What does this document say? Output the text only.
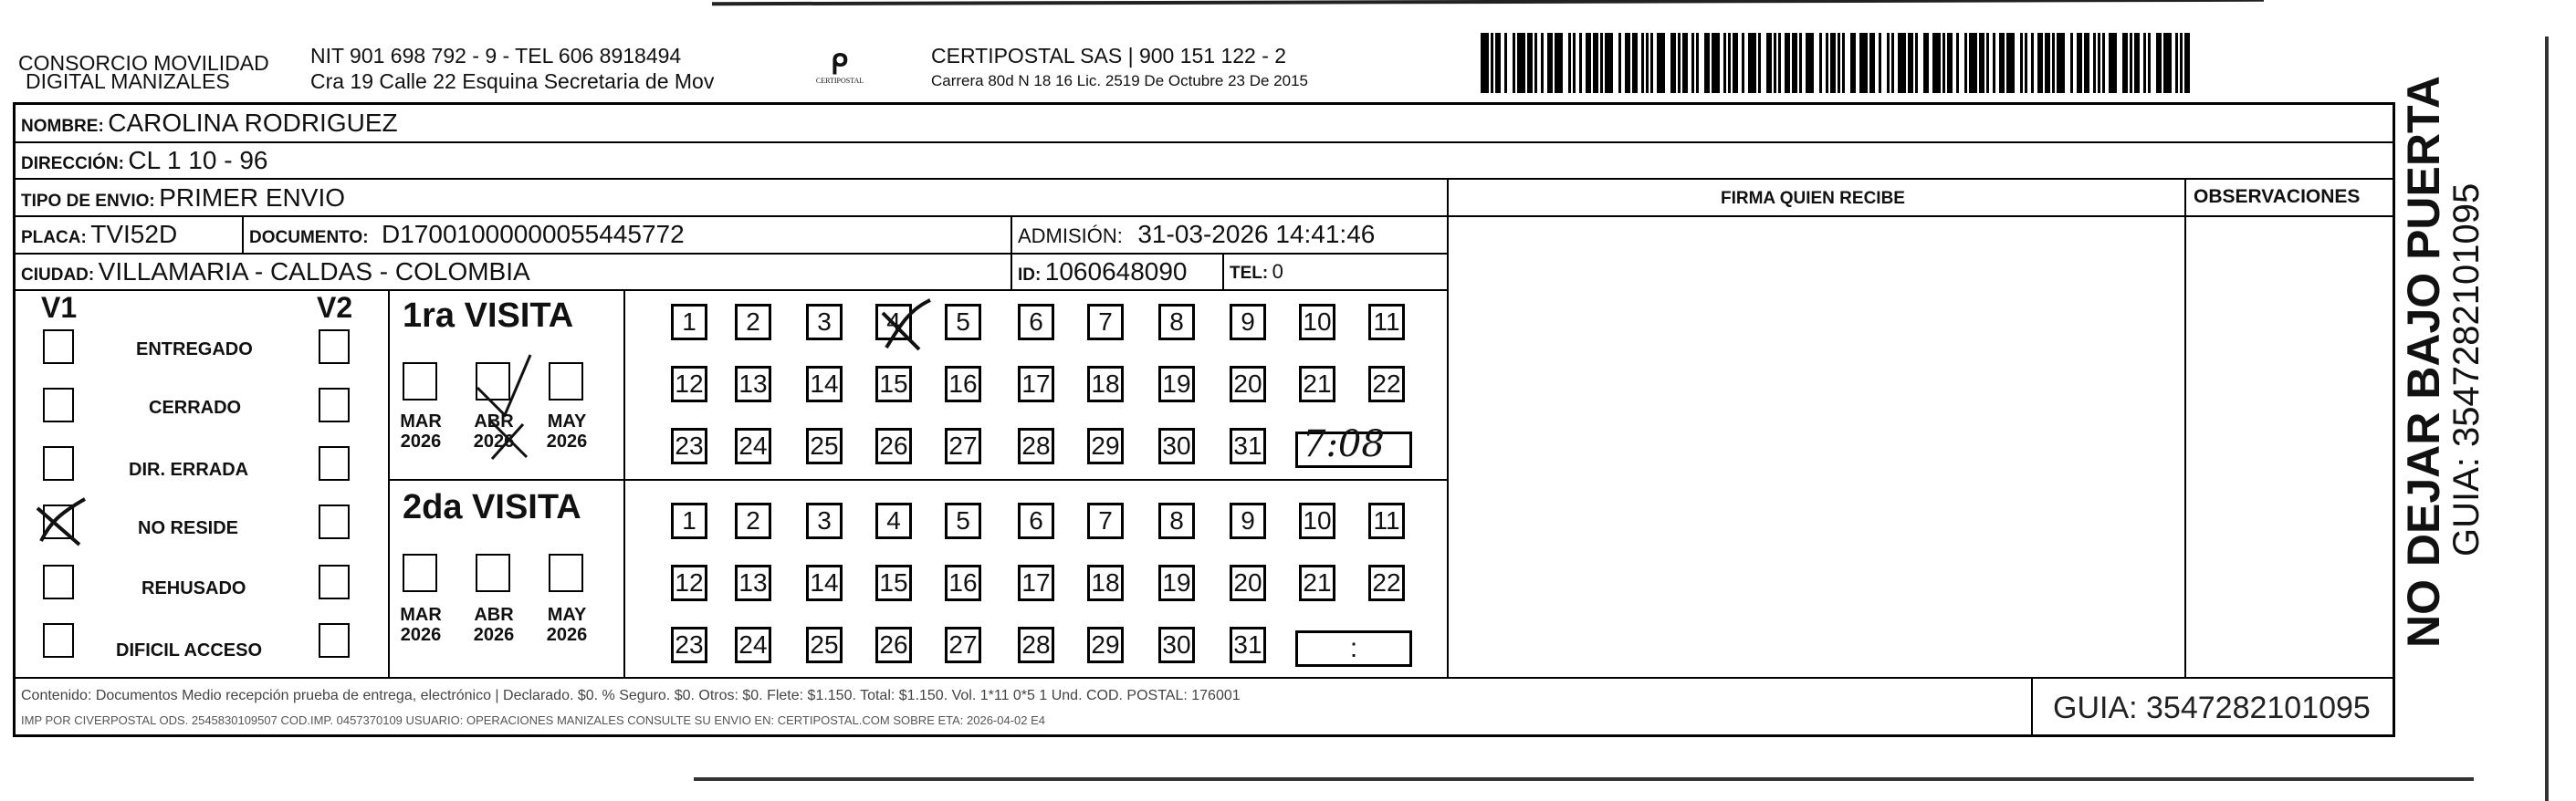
CONSORCIO MOVILIDAD
DIGITAL MANIZALES
NIT 901 698 792 - 9 - TEL 606 8918494
Cra 19 Calle 22 Esquina Secretaria de Mov
ᑭ
CERTIPOSTAL
CERTIPOSTAL SAS | 900 151 122 - 2
Carrera 80d N 18 16 Lic. 2519 De Octubre 23 De 2015
NOMBRE: CAROLINA RODRIGUEZ
DIRECCIÓN: CL 1 10 - 96
TIPO DE ENVIO: PRIMER ENVIO	FIRMA QUIEN RECIBE	OBSERVACIONES
PLACA: TVI52D	DOCUMENTO: D17001000000055445772	ADMISIÓN: 31-03-2026 14:41:46
CIUDAD: VILLAMARIA - CALDAS - COLOMBIA	ID: 1060648090 TEL: 0
V1	V2
ENTREGADO
CERRADO
DIR. ERRADA
NO RESIDE
REHUSADO
DIFICIL ACCESO
1ra VISITA
MAR
2026
ABR
2026
MAY
2026
1	2	3	4	5	6	7	8	9	10 11
12 13 14 15 16 17 18 19 20 21 22
23 24 25 26 27 28 29 30 31 7:08
2da VISITA
MAR
2026
ABR
2026
MAY
2026
1	2	3	4	5	6	7	8	9	10 11
12 13 14 15 16 17 18 19 20 21 22
23 24 25 26 27 28 29 30 31	:
Contenido: Documentos Medio recepción prueba de entrega, electrónico | Declarado. $0. % Seguro. $0. Otros: $0. Flete: $1.150. Total: $1.150. Vol. 1*11 0*5 1 Und. COD. POSTAL: 176001
IMP POR CIVERPOSTAL ODS. 2545830109507 COD.IMP. 0457370109 USUARIO: OPERACIONES MANIZALES CONSULTE SU ENVIO EN: CERTIPOSTAL.COM SOBRE ETA: 2026-04-02 E4	GUIA: 3547282101095
NO DEJAR BAJO PUERTA
GUIA: 3547282101095
